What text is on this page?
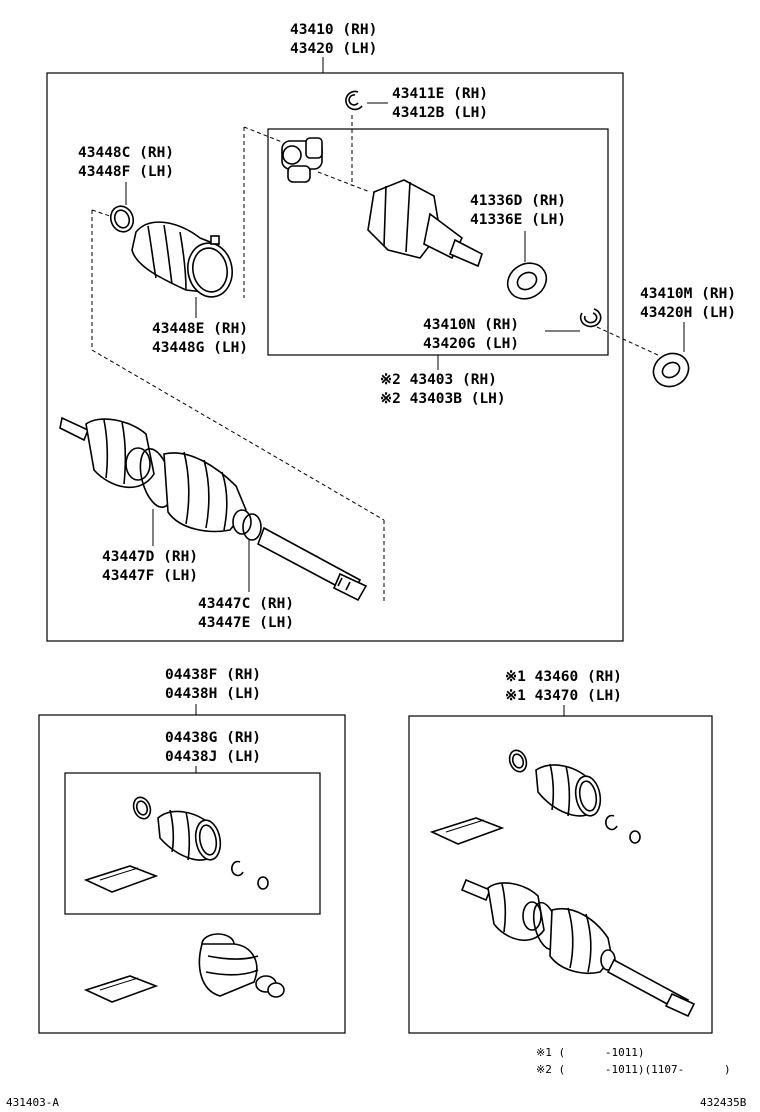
43410 (RH)
43420 (LH)
※2 43403 (RH)
※2 43403B (LH)
43411E (RH)
43412B (LH)
41336D (RH)
41336E (LH)
43410N (RH)
43420G (LH)
43410M (RH)
43420H (LH)
43448C (RH)
43448F (LH)
43448E (RH)
43448G (LH)
43447D (RH)
43447F (LH)
43447C (RH)
43447E (LH)
04438F (RH)
04438H (LH)
04438G (RH)
04438J (LH)
※1 43460 (RH)
※1 43470 (LH)
※1 (      -1011)
※2 (      -1011)(1107-      )
431403-A	432435B
